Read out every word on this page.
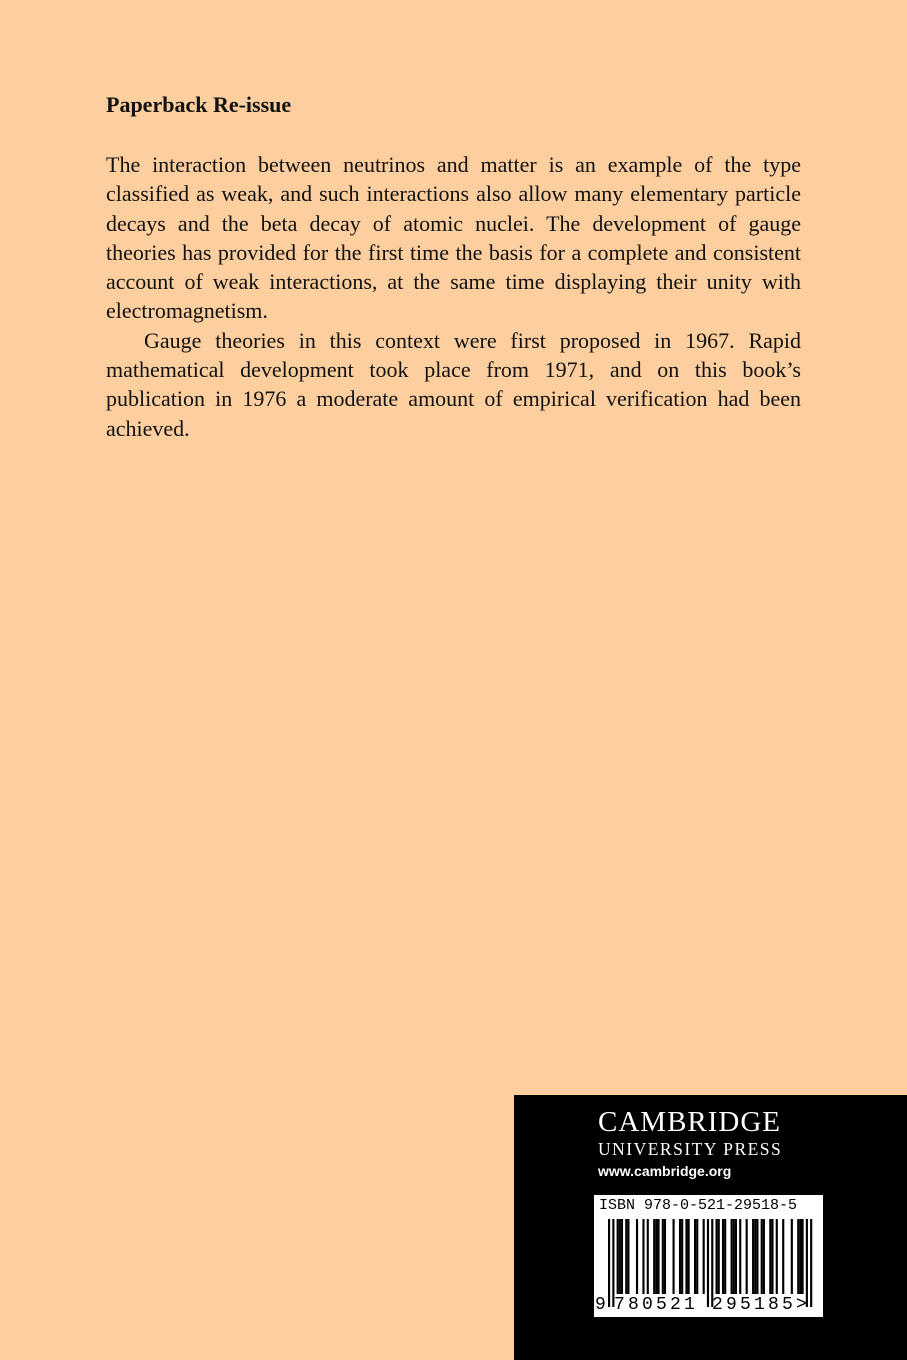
Paperback Re-issue

The interaction between neutrinos and matter is an example of the type classified as weak, and such interactions also allow many elementary particle decays and the beta decay of atomic nuclei. The development of gauge theories has provided for the first time the basis for a complete and consistent account of weak interactions, at the same time displaying their unity with electromagnetism.

Gauge theories in this context were first proposed in 1967. Rapid mathematical development took place from 1971, and on this book’s publication in 1976 a moderate amount of empirical verification had been achieved.

CAMBRIDGE
UNIVERSITY PRESS
www.cambridge.org
ISBN 978-0-521-29518-5
9 780521 295185>
